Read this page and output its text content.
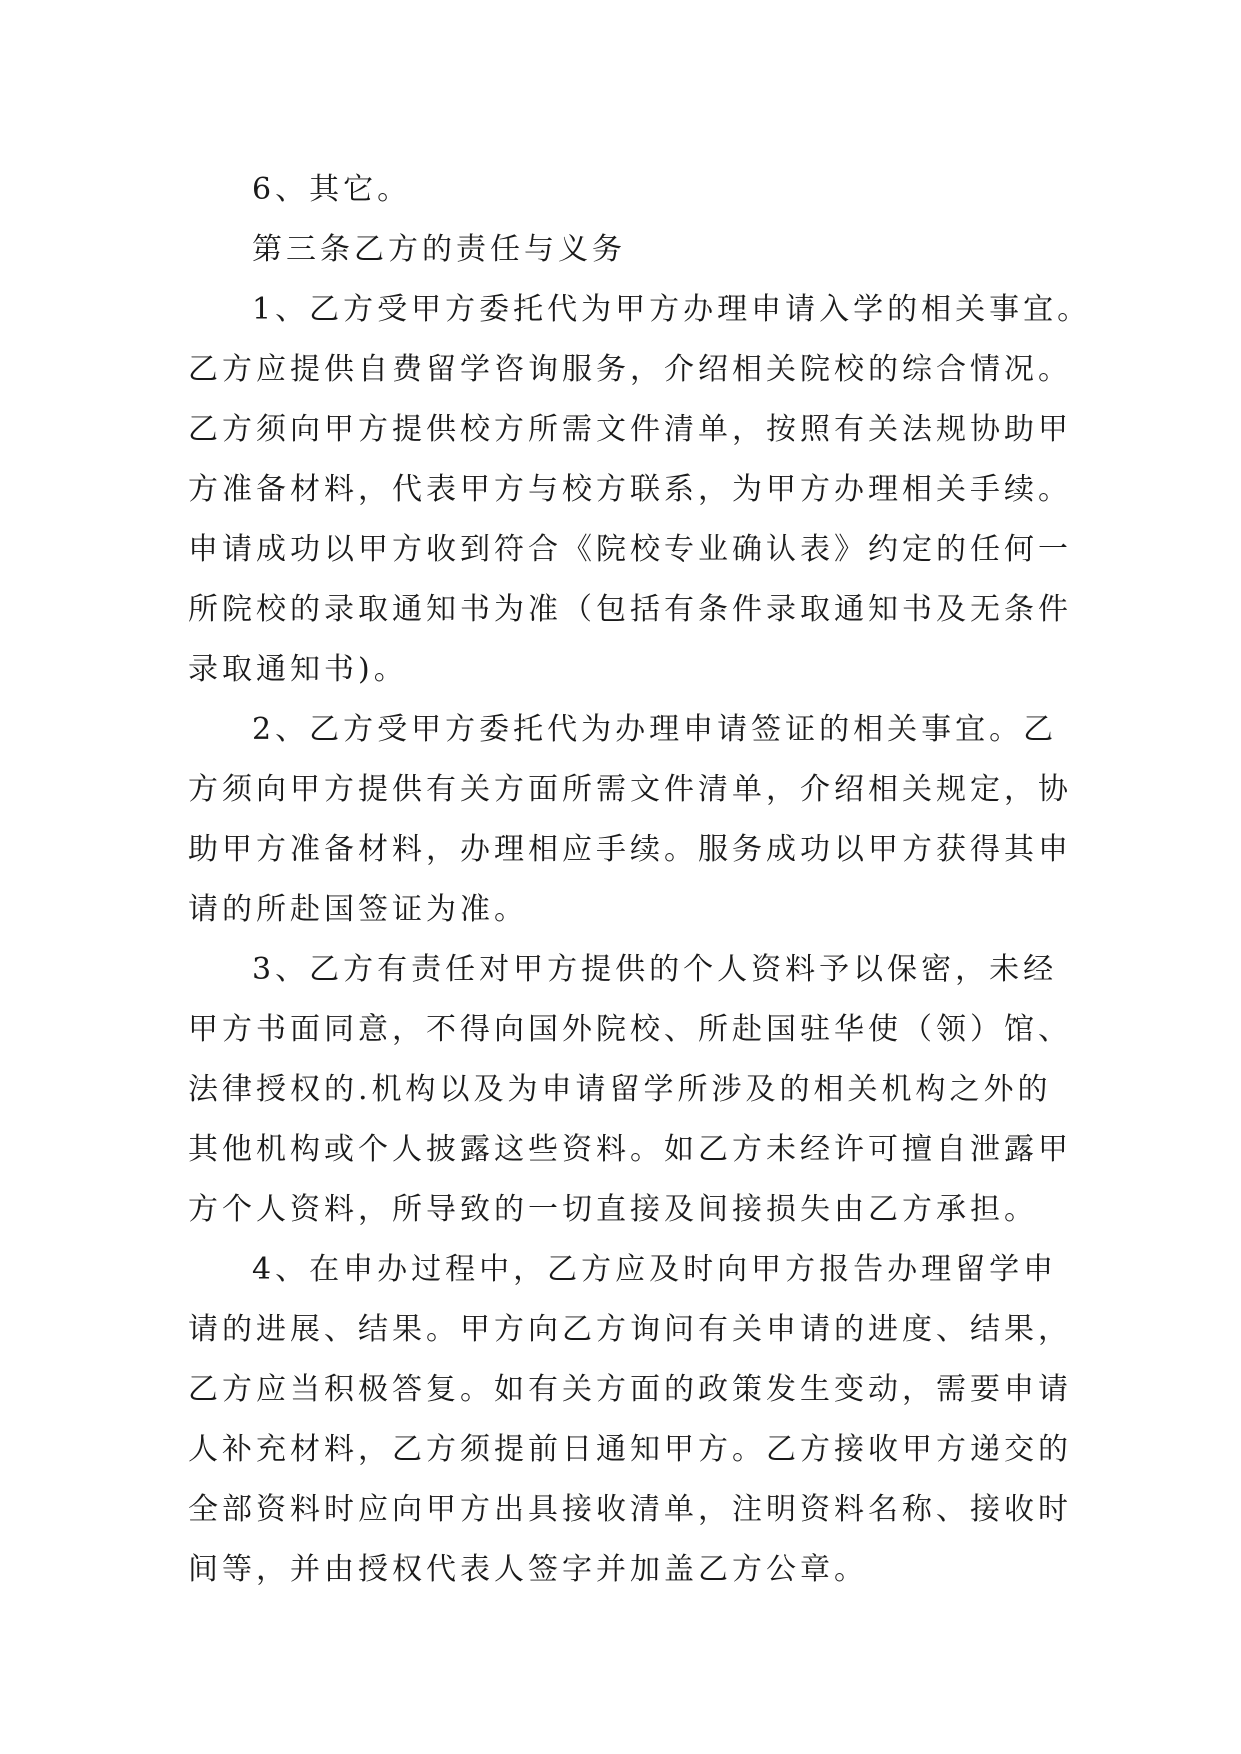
6、其它。
第三条乙方的责任与义务
1、乙方受甲方委托代为甲方办理申请入学的相关事宜。
乙方应提供自费留学咨询服务，介绍相关院校的综合情况。
乙方须向甲方提供校方所需文件清单，按照有关法规协助甲
方准备材料，代表甲方与校方联系，为甲方办理相关手续。
申请成功以甲方收到符合《院校专业确认表》约定的任何一
所院校的录取通知书为准（包括有条件录取通知书及无条件
录取通知书)。
2、乙方受甲方委托代为办理申请签证的相关事宜。乙
方须向甲方提供有关方面所需文件清单，介绍相关规定，协
助甲方准备材料，办理相应手续。服务成功以甲方获得其申
请的所赴国签证为准。
3、乙方有责任对甲方提供的个人资料予以保密，未经
甲方书面同意，不得向国外院校、所赴国驻华使（领）馆、
法律授权的.机构以及为申请留学所涉及的相关机构之外的
其他机构或个人披露这些资料。如乙方未经许可擅自泄露甲
方个人资料，所导致的一切直接及间接损失由乙方承担。
4、在申办过程中，乙方应及时向甲方报告办理留学申
请的进展、结果。甲方向乙方询问有关申请的进度、结果，
乙方应当积极答复。如有关方面的政策发生变动，需要申请
人补充材料，乙方须提前日通知甲方。乙方接收甲方递交的
全部资料时应向甲方出具接收清单，注明资料名称、接收时
间等，并由授权代表人签字并加盖乙方公章。
